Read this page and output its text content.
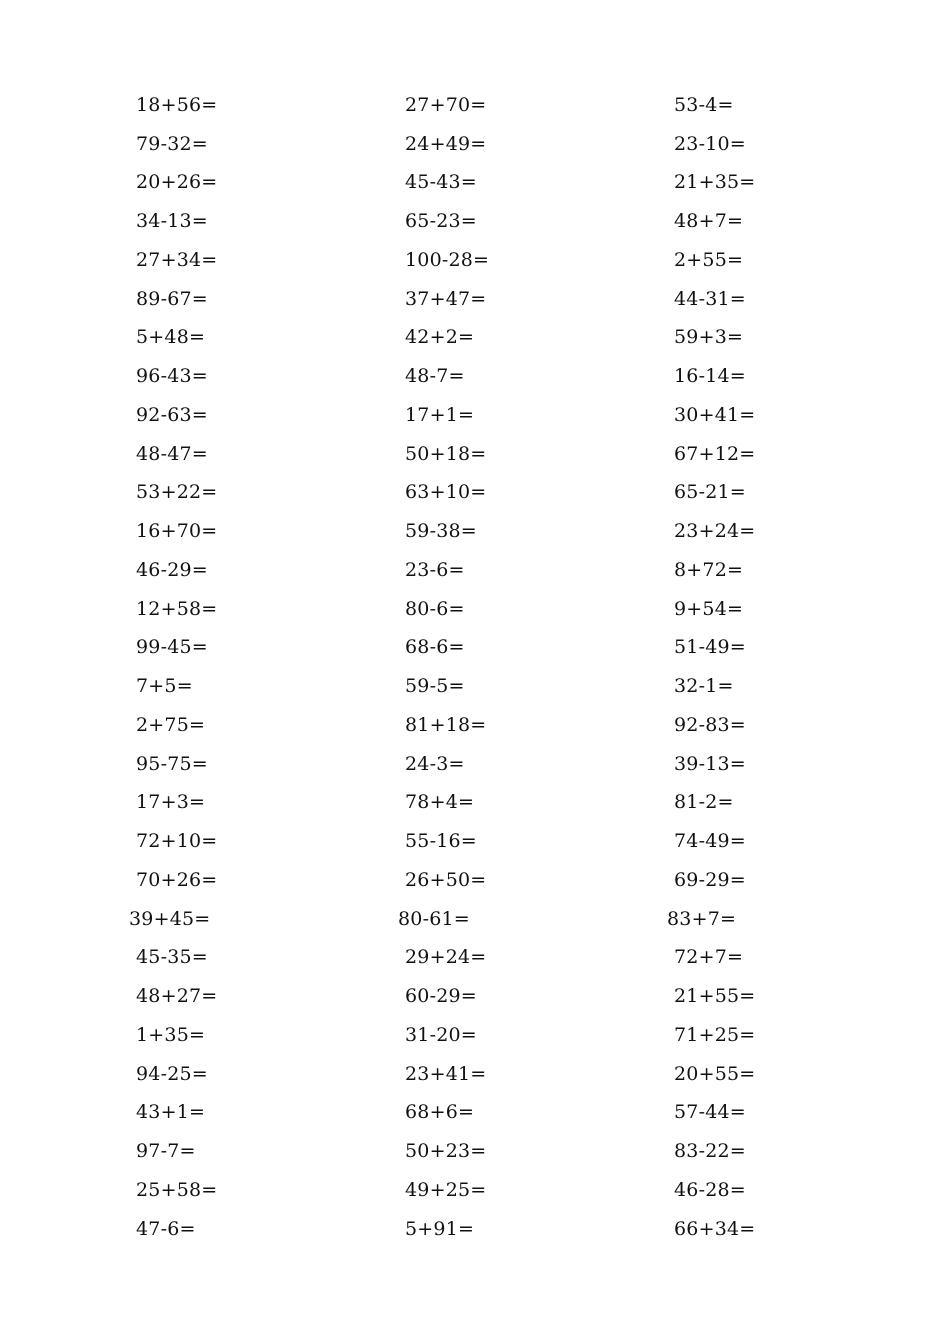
18+56=	27+70=	53-4=
79-32=	24+49=	23-10=
20+26=	45-43=	21+35=
34-13=	65-23=	48+7=
27+34=	100-28=	2+55=
89-67=	37+47=	44-31=
5+48=	42+2=	59+3=
96-43=	48-7=	16-14=
92-63=	17+1=	30+41=
48-47=	50+18=	67+12=
53+22=	63+10=	65-21=
16+70=	59-38=	23+24=
46-29=	23-6=	8+72=
12+58=	80-6=	9+54=
99-45=	68-6=	51-49=
7+5=	59-5=	32-1=
2+75=	81+18=	92-83=
95-75=	24-3=	39-13=
17+3=	78+4=	81-2=
72+10=	55-16=	74-49=
70+26=	26+50=	69-29=
39+45=	80-61=	83+7=
45-35=	29+24=	72+7=
48+27=	60-29=	21+55=
1+35=	31-20=	71+25=
94-25=	23+41=	20+55=
43+1=	68+6=	57-44=
97-7=	50+23=	83-22=
25+58=	49+25=	46-28=
47-6=	5+91=	66+34=
